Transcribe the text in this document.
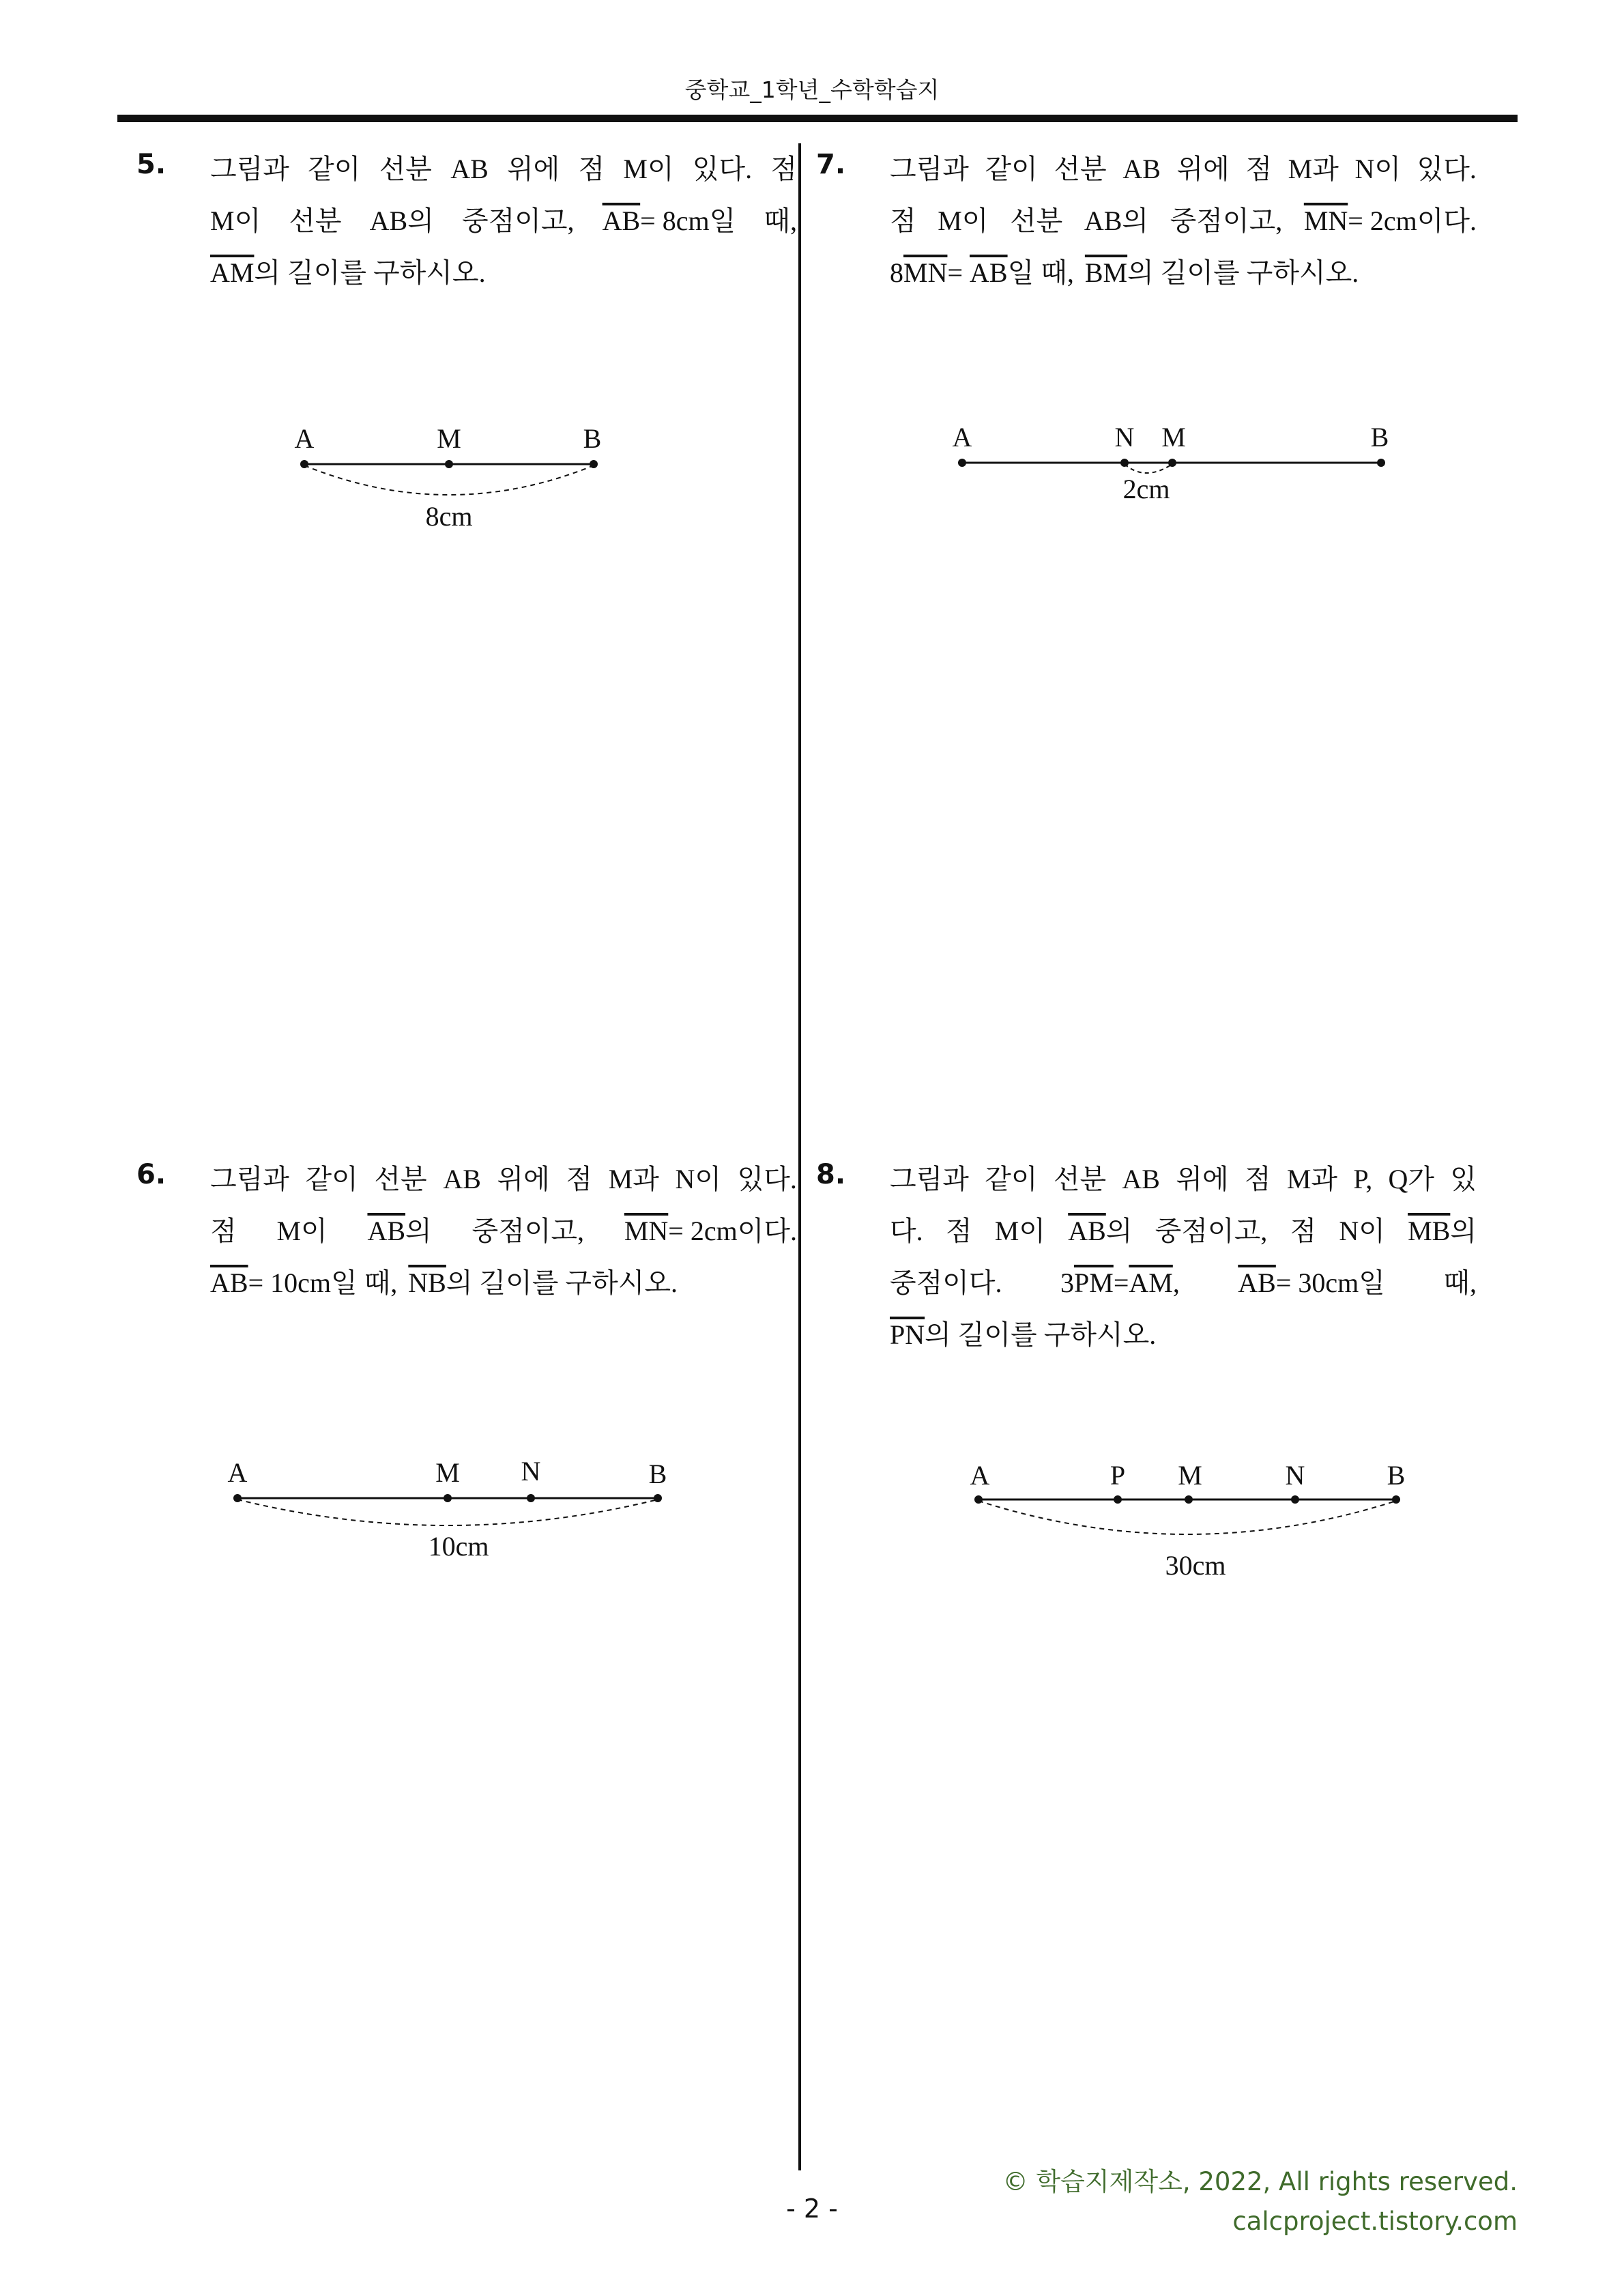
중학교_1학년_수학학습지
5. 그림과 같이 선분 AB 위에 점 M이 있다. 점
M이 선분 AB의 중점이고, $\overline{AB}= 8cm$일 때,
$\overline{AM}$의 길이를 구하시오.
7. 그림과 같이 선분 AB 위에 점 M과 N이 있다.
점 M이 선분 AB의 중점이고, $\overline{MN}= 2cm$이다.
$8\overline{MN}= \overline{AB}$일 때, $\overline{BM}$의 길이를 구하시오.
6. 그림과 같이 선분 AB 위에 점 M과 N이 있다.
점 M이 $\overline{AB}$의 중점이고, $\overline{MN}= 2cm$이다.
$\overline{AB}= 10cm$일 때, $\overline{NB}$의 길이를 구하시오.
8. 그림과 같이 선분 AB 위에 점 M과 P, Q가 있
다. 점 M이 $\overline{AB}$의 중점이고, 점 N이 $\overline{MB}$의
중점이다. $3\overline{PM}=\overline{AM}$, $\overline{AB}= 30cm$일 때,
$\overline{PN}$의 길이를 구하시오.
A	M	B
8cm
A	N M	B
2cm
A	M N	B
10cm
A	P M	N	B
30cm
© 학습지제작소, 2022, All rights reserved.
calcproject.tistory.com
- 2 -
